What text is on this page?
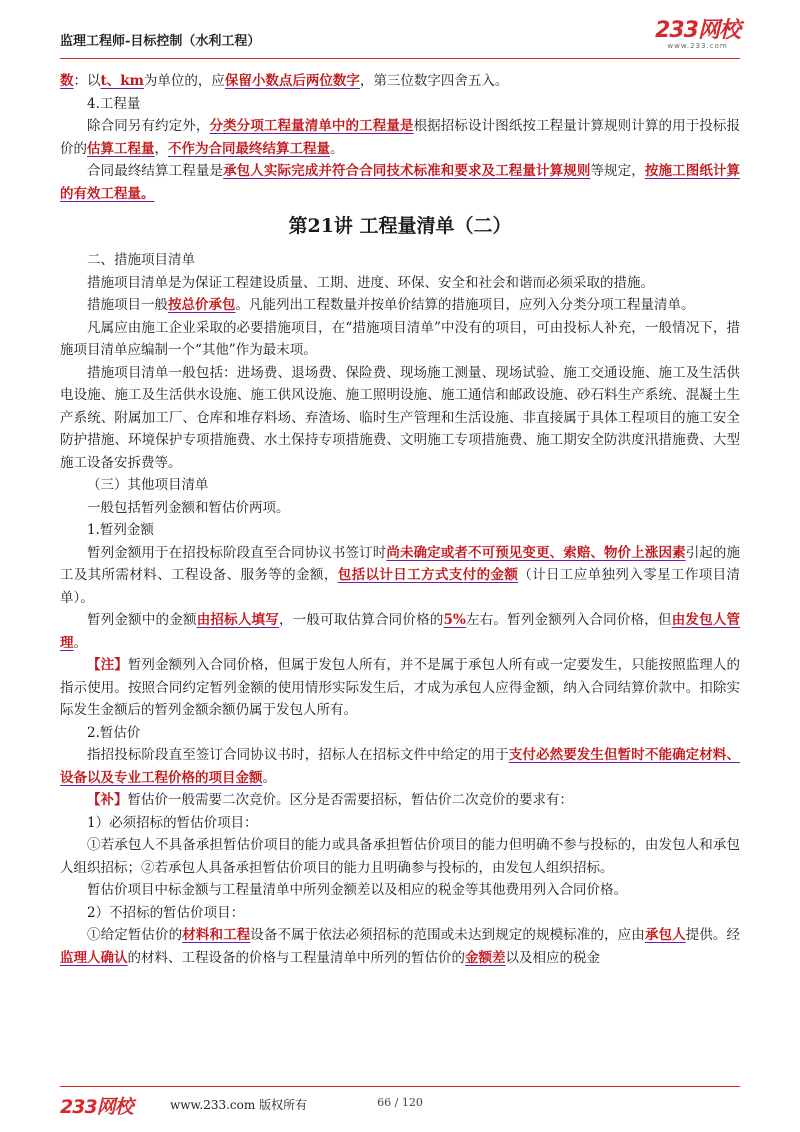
监理工程师-目标控制（水利工程）	233网校
www.233.com

数：以t、km为单位的，应保留小数点后两位数字，第三位数字四舍五入。

4.工程量

除合同另有约定外，分类分项工程量清单中的工程量是根据招标设计图纸按工程量计算规则计算的用于投标报价的估算工程量，不作为合同最终结算工程量。

合同最终结算工程量是承包人实际完成并符合合同技术标准和要求及工程量计算规则等规定，按施工图纸计算的有效工程量。

第21讲 工程量清单（二）

二、措施项目清单

措施项目清单是为保证工程建设质量、工期、进度、环保、安全和社会和谐而必须采取的措施。

措施项目一般按总价承包。凡能列出工程数量并按单价结算的措施项目，应列入分类分项工程量清单。

凡属应由施工企业采取的必要措施项目，在“措施项目清单”中没有的项目，可由投标人补充，一般情况下，措施项目清单应编制一个“其他”作为最末项。

措施项目清单一般包括：进场费、退场费、保险费、现场施工测量、现场试验、施工交通设施、施工及生活供电设施、施工及生活供水设施、施工供风设施、施工照明设施、施工通信和邮政设施、砂石料生产系统、混凝土生产系统、附属加工厂、仓库和堆存料场、弃渣场、临时生产管理和生活设施、非直接属于具体工程项目的施工安全防护措施、环境保护专项措施费、水土保持专项措施费、文明施工专项措施费、施工期安全防洪度汛措施费、大型施工设备安拆费等。

（三）其他项目清单

一般包括暂列金额和暂估价两项。

1.暂列金额

暂列金额用于在招投标阶段直至合同协议书签订时尚未确定或者不可预见变更、索赔、物价上涨因素引起的施工及其所需材料、工程设备、服务等的金额，包括以计日工方式支付的金额（计日工应单独列入零星工作项目清单）。

暂列金额中的金额由招标人填写，一般可取估算合同价格的5%左右。暂列金额列入合同价格，但由发包人管理。

【注】暂列金额列入合同价格，但属于发包人所有，并不是属于承包人所有或一定要发生，只能按照监理人的指示使用。按照合同约定暂列金额的使用情形实际发生后，才成为承包人应得金额，纳入合同结算价款中。扣除实际发生金额后的暂列金额余额仍属于发包人所有。

2.暂估价

指招投标阶段直至签订合同协议书时，招标人在招标文件中给定的用于支付必然要发生但暂时不能确定材料、设备以及专业工程价格的项目金额。

【补】暂估价一般需要二次竞价。区分是否需要招标，暂估价二次竞价的要求有：

1）必须招标的暂估价项目：

①若承包人不具备承担暂估价项目的能力或具备承担暂估价项目的能力但明确不参与投标的，由发包人和承包人组织招标；②若承包人具备承担暂估价项目的能力且明确参与投标的，由发包人组织招标。

暂估价项目中标金额与工程量清单中所列金额差以及相应的税金等其他费用列入合同价格。

2）不招标的暂估价项目：

①给定暂估价的材料和工程设备不属于依法必须招标的范围或未达到规定的规模标准的，应由承包人提供。经监理人确认的材料、工程设备的价格与工程量清单中所列的暂估价的金额差以及相应的税金

233网校	www.233.com 版权所有	66 / 120
